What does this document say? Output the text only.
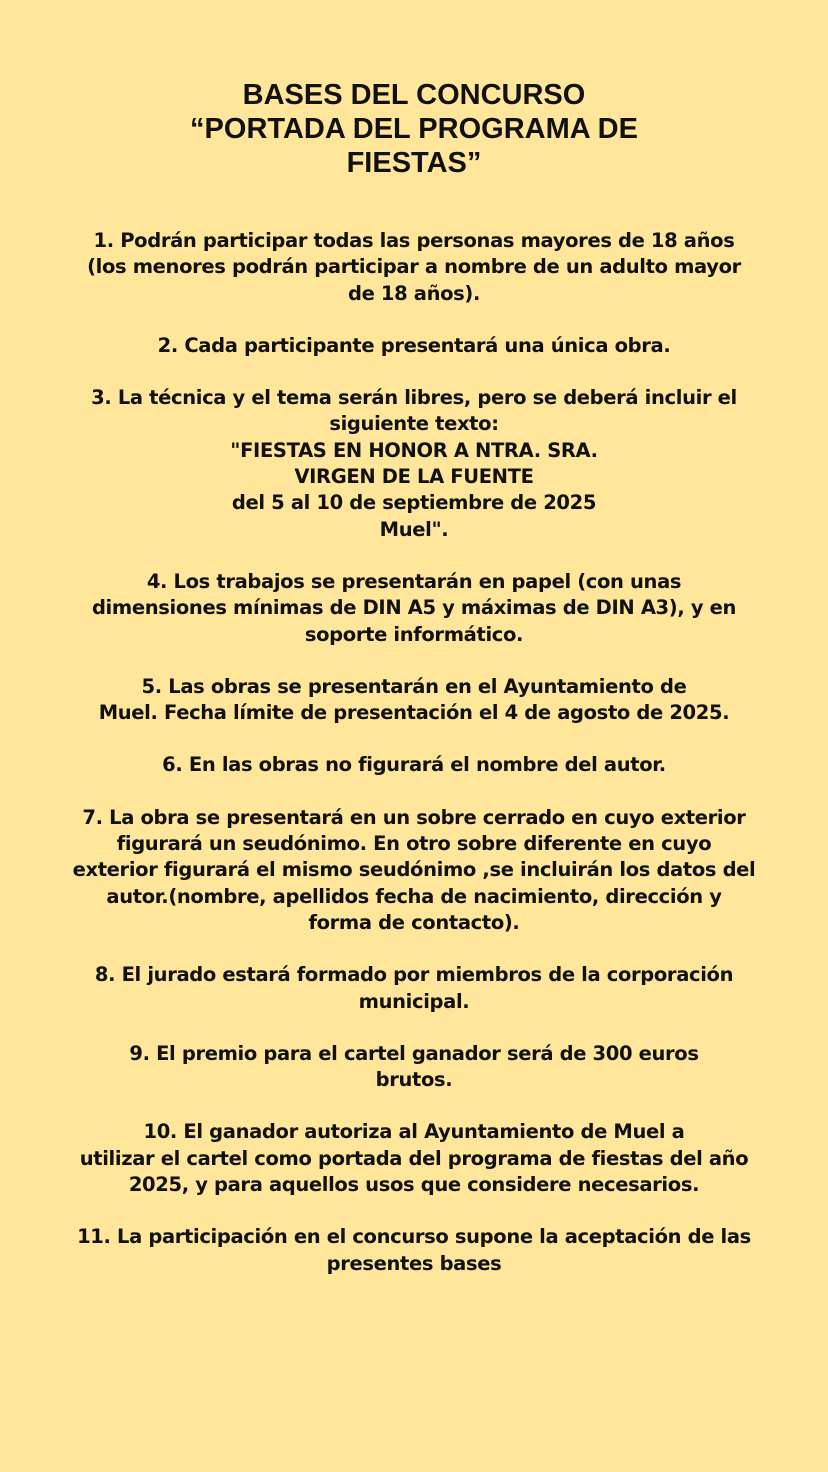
BASES DEL CONCURSO
“PORTADA DEL PROGRAMA DE
FIESTAS”
1. Podrán participar todas las personas mayores de 18 años
(los menores podrán participar a nombre de un adulto mayor
de 18 años).
2. Cada participante presentará una única obra.
3. La técnica y el tema serán libres, pero se deberá incluir el
siguiente texto:
"FIESTAS EN HONOR A NTRA. SRA.
VIRGEN DE LA FUENTE
del 5 al 10 de septiembre de 2025
Muel".
4. Los trabajos se presentarán en papel (con unas
dimensiones mínimas de DIN A5 y máximas de DIN A3), y en
soporte informático.
5. Las obras se presentarán en el Ayuntamiento de
Muel. Fecha límite de presentación el 4 de agosto de 2025.
6. En las obras no figurará el nombre del autor.
7. La obra se presentará en un sobre cerrado en cuyo exterior
figurará un seudónimo. En otro sobre diferente en cuyo
exterior figurará el mismo seudónimo ,se incluirán los datos del
autor.(nombre, apellidos fecha de nacimiento, dirección y
forma de contacto).
8. El jurado estará formado por miembros de la corporación
municipal.
9. El premio para el cartel ganador será de 300 euros
brutos.
10. El ganador autoriza al Ayuntamiento de Muel a
utilizar el cartel como portada del programa de fiestas del año
2025, y para aquellos usos que considere necesarios.
11. La participación en el concurso supone la aceptación de las
presentes bases
